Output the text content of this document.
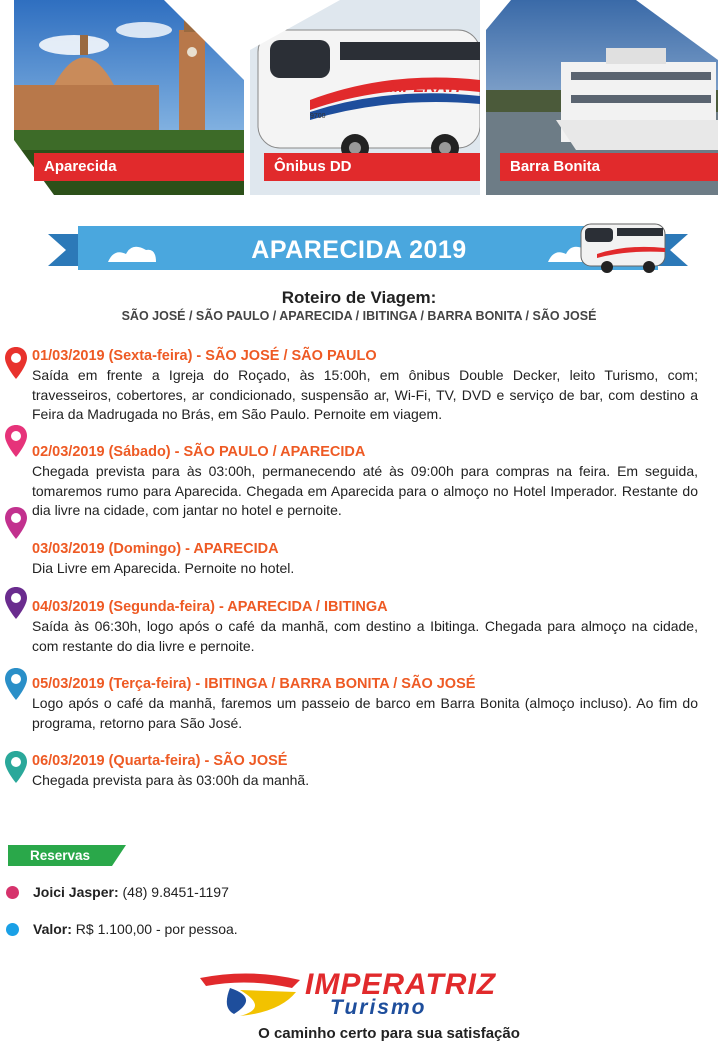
Aparecida
IMPERATI
9700
Ônibus DD	Barra Bonita
APARECIDA 2019
Roteiro de Viagem:
SÃO JOSÉ / SÃO PAULO / APARECIDA / IBITINGA / BARRA BONITA / SÃO JOSÉ
01/03/2019 (Sexta-feira) - SÃO JOSÉ / SÃO PAULO
Saída em frente a Igreja do Roçado, às 15:00h, em ônibus Double Decker, leito Turismo, com; travesseiros, cobertores, ar condicionado, suspensão ar, Wi-Fi, TV, DVD e serviço de bar, com destino a Feira da Madrugada no Brás, em São Paulo. Pernoite em viagem.
02/03/2019 (Sábado) - SÃO PAULO / APARECIDA
Chegada prevista para às 03:00h, permanecendo até às 09:00h para compras na feira. Em seguida, tomaremos rumo para Aparecida. Chegada em Aparecida para o almoço no Hotel Imperador. Restante do dia livre na cidade, com jantar no hotel e pernoite.
03/03/2019 (Domingo) - APARECIDA
Dia Livre em Aparecida. Pernoite no hotel.
04/03/2019 (Segunda-feira) - APARECIDA / IBITINGA
Saída às 06:30h, logo após o café da manhã, com destino a Ibitinga. Chegada para almoço na cidade, com restante do dia livre e pernoite.
05/03/2019 (Terça-feira) - IBITINGA / BARRA BONITA / SÃO JOSÉ
Logo após o café da manhã, faremos um passeio de barco em Barra Bonita (almoço incluso). Ao fim do programa, retorno para São José.
06/03/2019 (Quarta-feira) - SÃO JOSÉ
Chegada prevista para às 03:00h da manhã.
Reservas
Joici Jasper: (48) 9.8451-1197
Valor: R$ 1.100,00 - por pessoa.
IMPERATRIZ
Turismo
O caminho certo para sua satisfação
